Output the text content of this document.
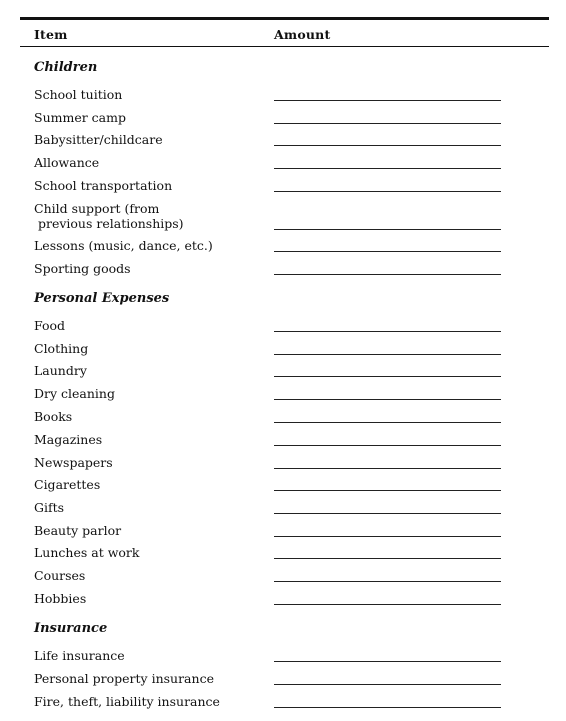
Item	Amount
Children
School tuition
Summer camp
Babysitter/childcare
Allowance
School transportation
Child support (from
previous relationships)
Lessons (music, dance, etc.)
Sporting goods
Personal Expenses
Food
Clothing
Laundry
Dry cleaning
Books
Magazines
Newspapers
Cigarettes
Gifts
Beauty parlor
Lunches at work
Courses
Hobbies
Insurance
Life insurance
Personal property insurance
Fire, theft, liability insurance
